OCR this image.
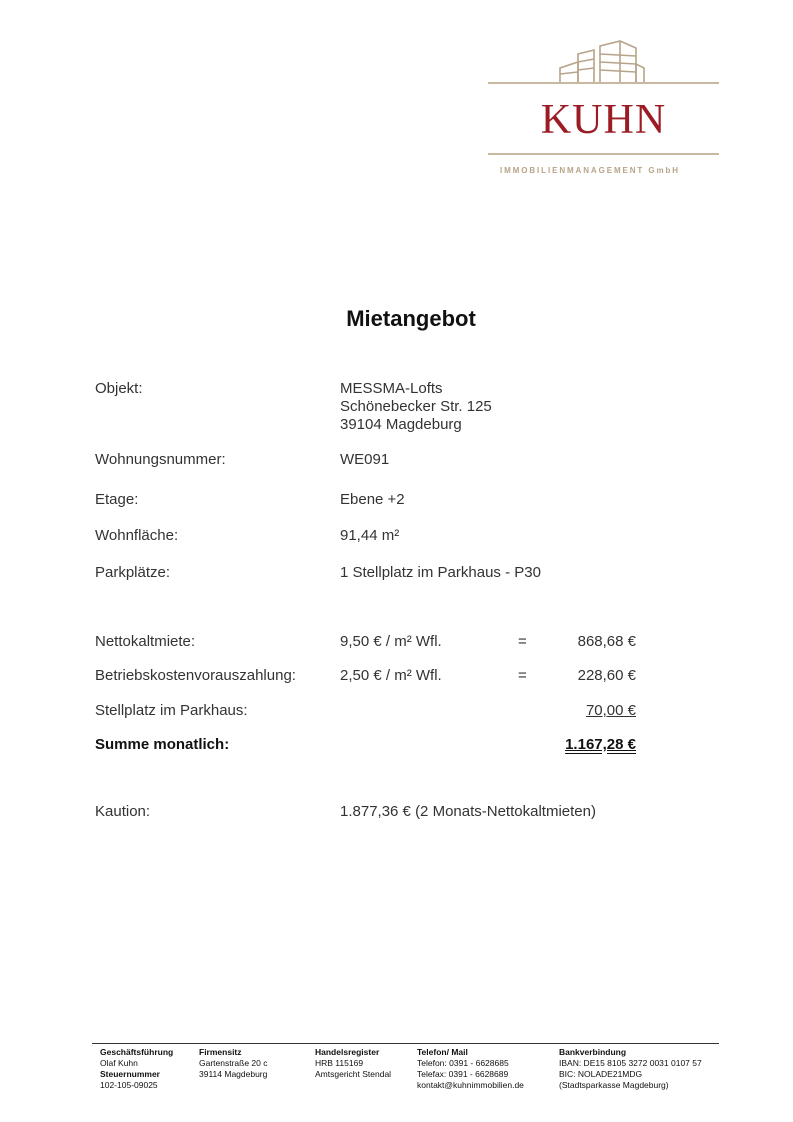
KUHN
IMMOBILIENMANAGEMENT GmbH
Mietangebot
Objekt:	MESSMA-Lofts
Schönebecker Str. 125
39104 Magdeburg
Wohnungsnummer:	WE091
Etage:	Ebene +2
Wohnfläche:	91,44 m²
Parkplätze:	1 Stellplatz im Parkhaus - P30
Nettokaltmiete:	9,50 € / m² Wfl.	=	868,68 €
Betriebskostenvorauszahlung:	2,50 € / m² Wfl.	=	228,60 €
Stellplatz im Parkhaus:	70,00 €
Summe monatlich:	1.167,28 €
Kaution:	1.877,36 € (2 Monats-Nettokaltmieten)
Geschäftsführung
Olaf Kuhn
Steuernummer
102-105-09025
Firmensitz
Gartenstraße 20 c
39114 Magdeburg
Handelsregister
HRB 115169
Amtsgericht Stendal
Telefon/ Mail
Telefon: 0391 - 6628685
Telefax: 0391 - 6628689
kontakt@kuhnimmobilien.de
Bankverbindung
IBAN: DE15 8105 3272 0031 0107 57
BIC: NOLADE21MDG
(Stadtsparkasse Magdeburg)
